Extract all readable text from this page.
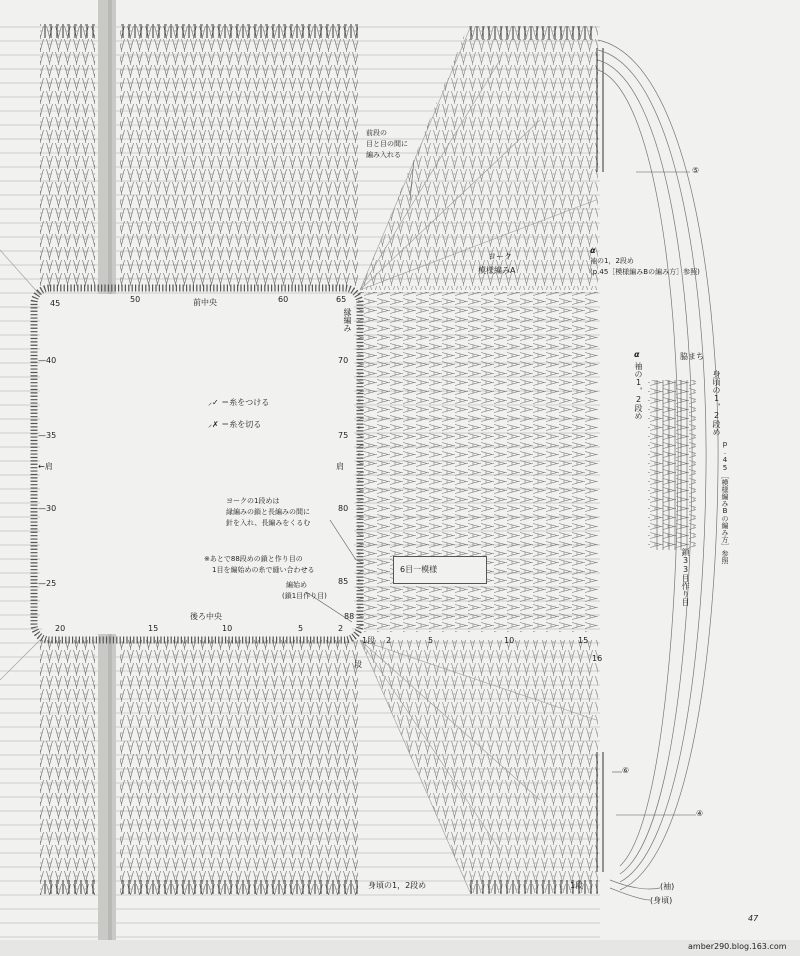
⸝✓ ＝糸をつける
⸝✗ ＝糸を切る
前中央
後ろ中央
←肩	肩
縁編み
前段の
目と目の間に
編み入れる
ヨーク
模様編みA
α
袖の1，2段め
(p.45［模様編みBの編み方］参照)
α
袖の1，2段め
脇まち
身頃の1，2段め
p.45［模様編みBの編み方］参照
鎖33目作り目
ヨークの1段めは
縁編みの鎖と長編みの間に
針を入れ、長編みをくるむ
※あとで88段めの鎖と作り目の
1目を編始めの糸で縫い合わせる
編始め
(鎖1目作り目)
6目一模様
段
身頃の1，2段め	1段	(袖)
(身頃)
⑤
⑥
④
45
—40
—35
—30
—25
50	60	65
70
75
80
85
88
20	15	10	5	2
1段 2	5	10	15
16
47
amber290.blog.163.com
